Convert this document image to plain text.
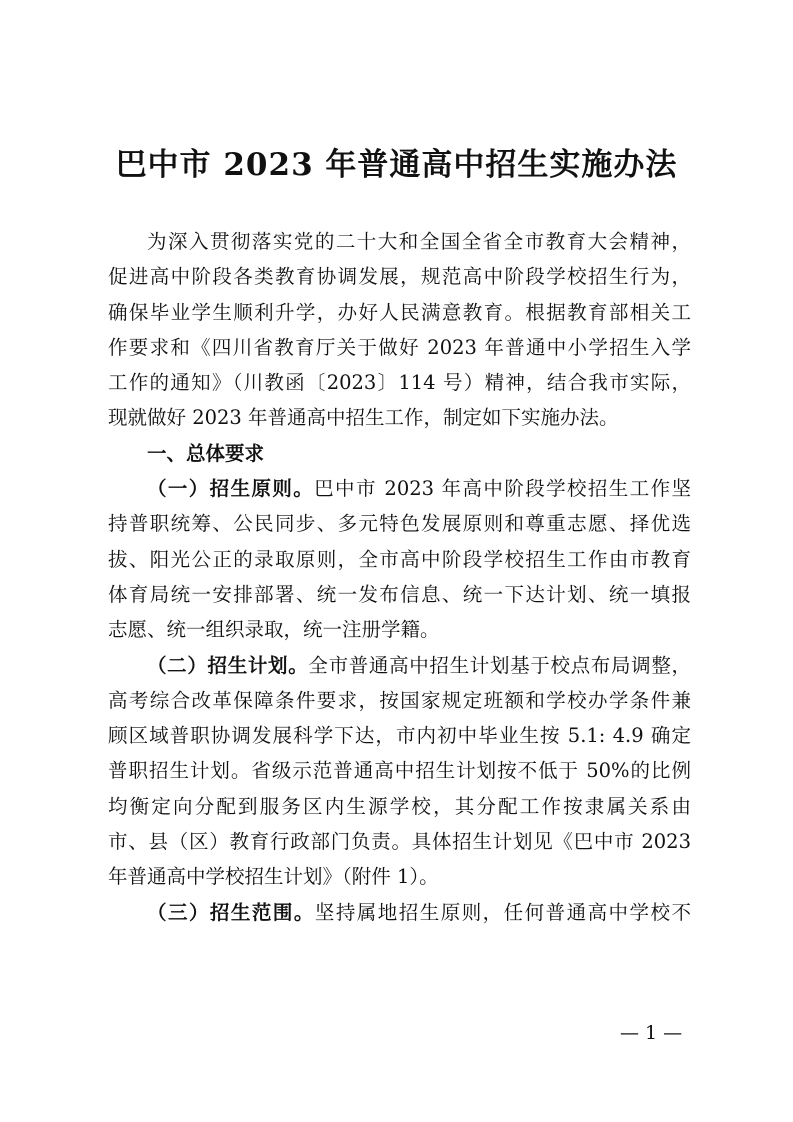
巴中市 2023 年普通高中招生实施办法
为深入贯彻落实党的二十大和全国全省全市教育大会精神，
促进高中阶段各类教育协调发展，规范高中阶段学校招生行为，
确保毕业学生顺利升学，办好人民满意教育。根据教育部相关工
作要求和《四川省教育厅关于做好 2023 年普通中小学招生入学
工作的通知》（川教函〔2023〕114 号）精神，结合我市实际，
现就做好 2023 年普通高中招生工作，制定如下实施办法。
一、总体要求
（一）招生原则。巴中市 2023 年高中阶段学校招生工作坚
持普职统筹、公民同步、多元特色发展原则和尊重志愿、择优选
拔、阳光公正的录取原则，全市高中阶段学校招生工作由市教育
体育局统一安排部署、统一发布信息、统一下达计划、统一填报
志愿、统一组织录取，统一注册学籍。
（二）招生计划。全市普通高中招生计划基于校点布局调整，
高考综合改革保障条件要求，按国家规定班额和学校办学条件兼
顾区域普职协调发展科学下达，市内初中毕业生按 5.1: 4.9 确定
普职招生计划。省级示范普通高中招生计划按不低于 50%的比例
均衡定向分配到服务区内生源学校，其分配工作按隶属关系由
市、县（区）教育行政部门负责。具体招生计划见《巴中市 2023
年普通高中学校招生计划》（附件 1）。
（三）招生范围。坚持属地招生原则，任何普通高中学校不
— 1 —
